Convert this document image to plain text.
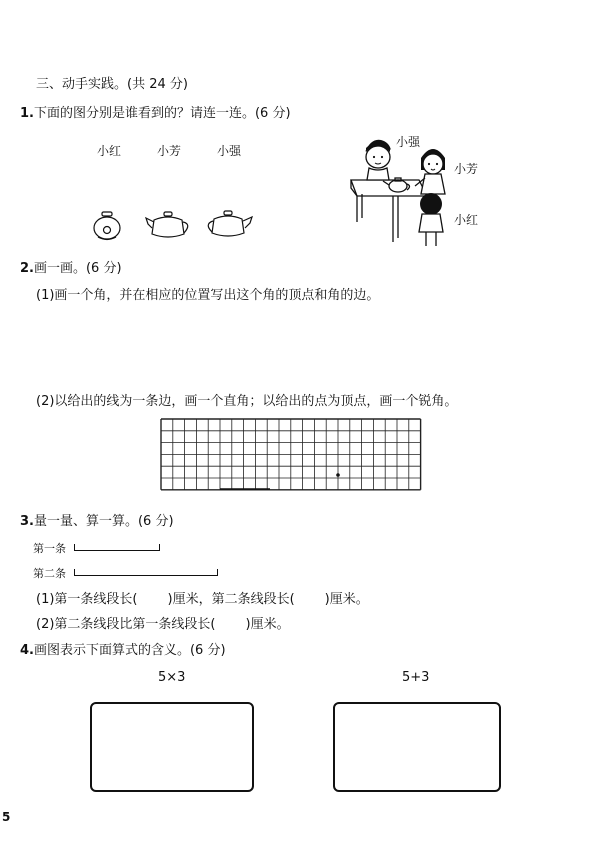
三、动手实践。(共 24 分)
1.下面的图分别是谁看到的？请连一连。(6 分)
小红	小芳	小强
小强
小芳
小红
2.画一画。(6 分)
(1)画一个角，并在相应的位置写出这个角的顶点和角的边。
(2)以给出的线为一条边，画一个直角；以给出的点为顶点，画一个锐角。
3.量一量、算一算。(6 分)
第一条
第二条
(1)第一条线段长( )厘米，第二条线段长( )厘米。
(2)第二条线段比第一条线段长( )厘米。
4.画图表示下面算式的含义。(6 分)
5×3	5+3
5
